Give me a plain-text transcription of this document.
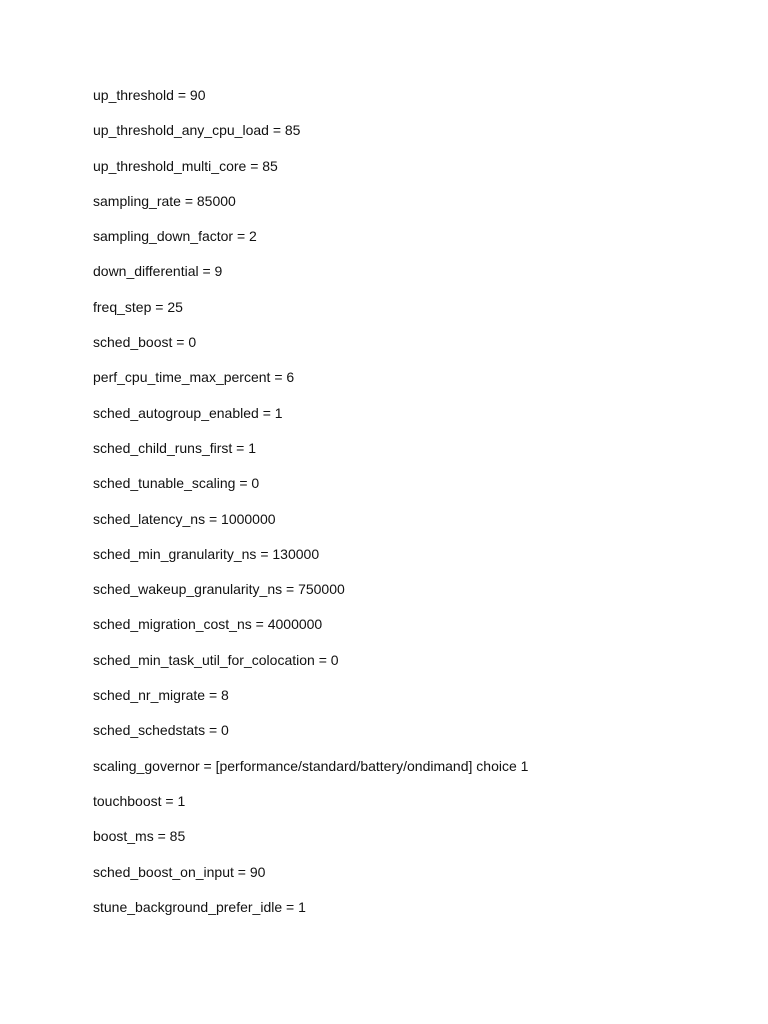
up_threshold = 90
up_threshold_any_cpu_load = 85
up_threshold_multi_core = 85
sampling_rate = 85000
sampling_down_factor = 2
down_differential = 9
freq_step = 25
sched_boost = 0
perf_cpu_time_max_percent = 6
sched_autogroup_enabled = 1
sched_child_runs_first = 1
sched_tunable_scaling = 0
sched_latency_ns = 1000000
sched_min_granularity_ns = 130000
sched_wakeup_granularity_ns = 750000
sched_migration_cost_ns = 4000000
sched_min_task_util_for_colocation = 0
sched_nr_migrate = 8
sched_schedstats = 0
scaling_governor = [performance/standard/battery/ondimand] choice 1
touchboost = 1
boost_ms = 85
sched_boost_on_input = 90
stune_background_prefer_idle = 1
